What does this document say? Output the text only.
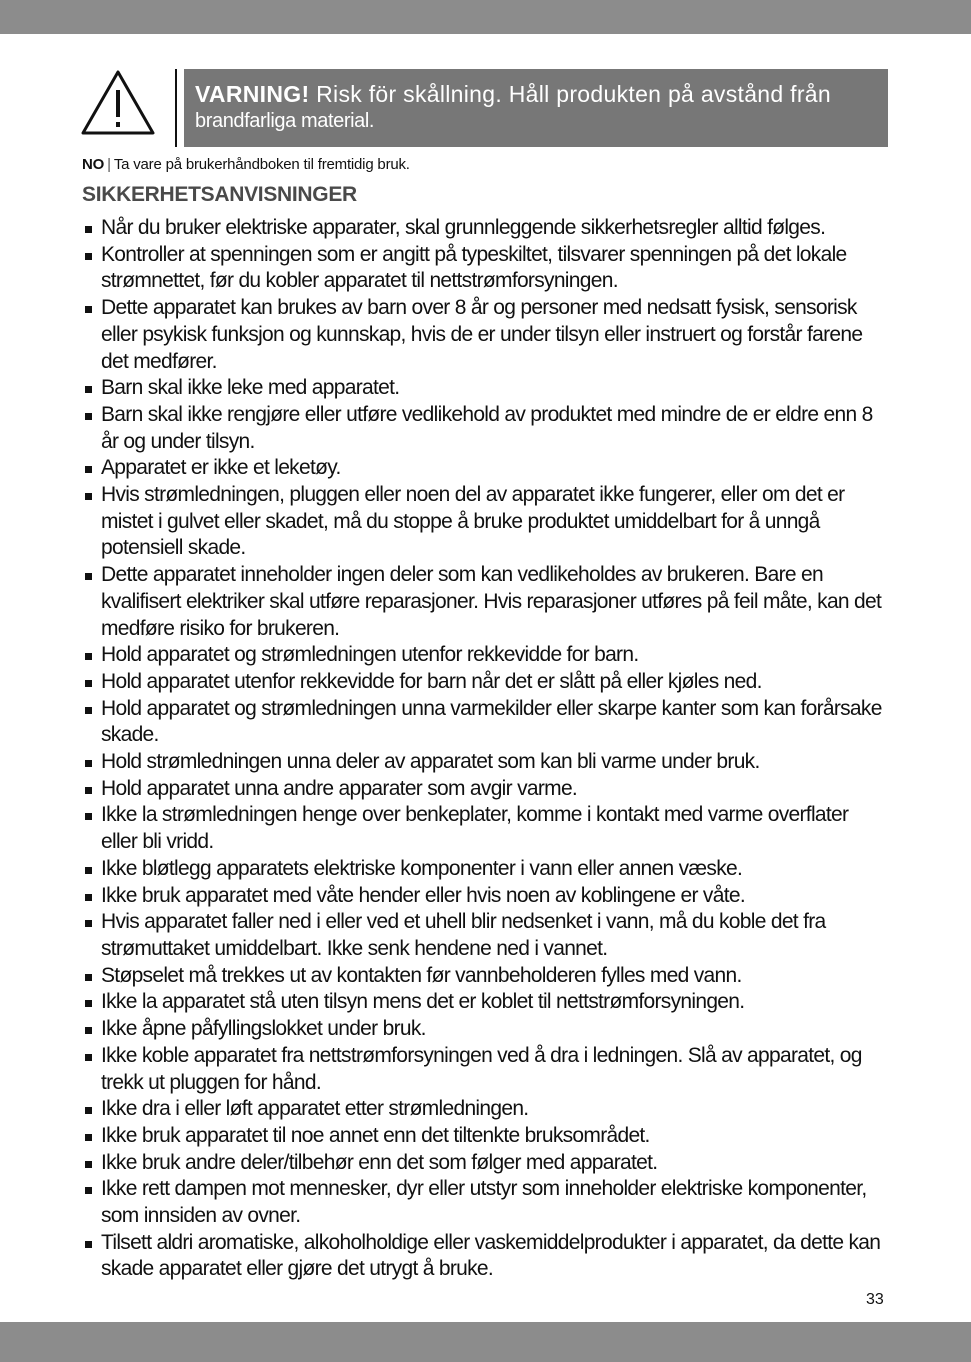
VARNING! Risk för skållning. Håll produkten på avstånd från
brandfarliga material.
NO | Ta vare på brukerhåndboken til fremtidig bruk.
SIKKERHETSANVISNINGER
Når du bruker elektriske apparater, skal grunnleggende sikkerhetsregler alltid følges.
Kontroller at spenningen som er angitt på typeskiltet, tilsvarer spenningen på det lokale strømnettet, før du kobler apparatet til nettstrømforsyningen.
Dette apparatet kan brukes av barn over 8 år og personer med nedsatt fysisk, sensorisk eller psykisk funksjon og kunnskap, hvis de er under tilsyn eller instruert og forstår farene det medfører.
Barn skal ikke leke med apparatet.
Barn skal ikke rengjøre eller utføre vedlikehold av produktet med mindre de er eldre enn 8 år og under tilsyn.
Apparatet er ikke et leketøy.
Hvis strømledningen, pluggen eller noen del av apparatet ikke fungerer, eller om det er mistet i gulvet eller skadet, må du stoppe å bruke produktet umiddelbart for å unngå potensiell skade.
Dette apparatet inneholder ingen deler som kan vedlikeholdes av brukeren. Bare en kvalifisert elektriker skal utføre reparasjoner. Hvis reparasjoner utføres på feil måte, kan det medføre risiko for brukeren.
Hold apparatet og strømledningen utenfor rekkevidde for barn.
Hold apparatet utenfor rekkevidde for barn når det er slått på eller kjøles ned.
Hold apparatet og strømledningen unna varmekilder eller skarpe kanter som kan forårsake skade.
Hold strømledningen unna deler av apparatet som kan bli varme under bruk.
Hold apparatet unna andre apparater som avgir varme.
Ikke la strømledningen henge over benkeplater, komme i kontakt med varme overflater eller bli vridd.
Ikke bløtlegg apparatets elektriske komponenter i vann eller annen væske.
Ikke bruk apparatet med våte hender eller hvis noen av koblingene er våte.
Hvis apparatet faller ned i eller ved et uhell blir nedsenket i vann, må du koble det fra strømuttaket umiddelbart. Ikke senk hendene ned i vannet.
Støpselet må trekkes ut av kontakten før vannbeholderen fylles med vann.
Ikke la apparatet stå uten tilsyn mens det er koblet til nettstrømforsyningen.
Ikke åpne påfyllingslokket under bruk.
Ikke koble apparatet fra nettstrømforsyningen ved å dra i ledningen. Slå av apparatet, og trekk ut pluggen for hånd.
Ikke dra i eller løft apparatet etter strømledningen.
Ikke bruk apparatet til noe annet enn det tiltenkte bruksområdet.
Ikke bruk andre deler/tilbehør enn det som følger med apparatet.
Ikke rett dampen mot mennesker, dyr eller utstyr som inneholder elektriske komponenter, som innsiden av ovner.
Tilsett aldri aromatiske, alkoholholdige eller vaskemiddelprodukter i apparatet, da dette kan skade apparatet eller gjøre det utrygt å bruke.
33
